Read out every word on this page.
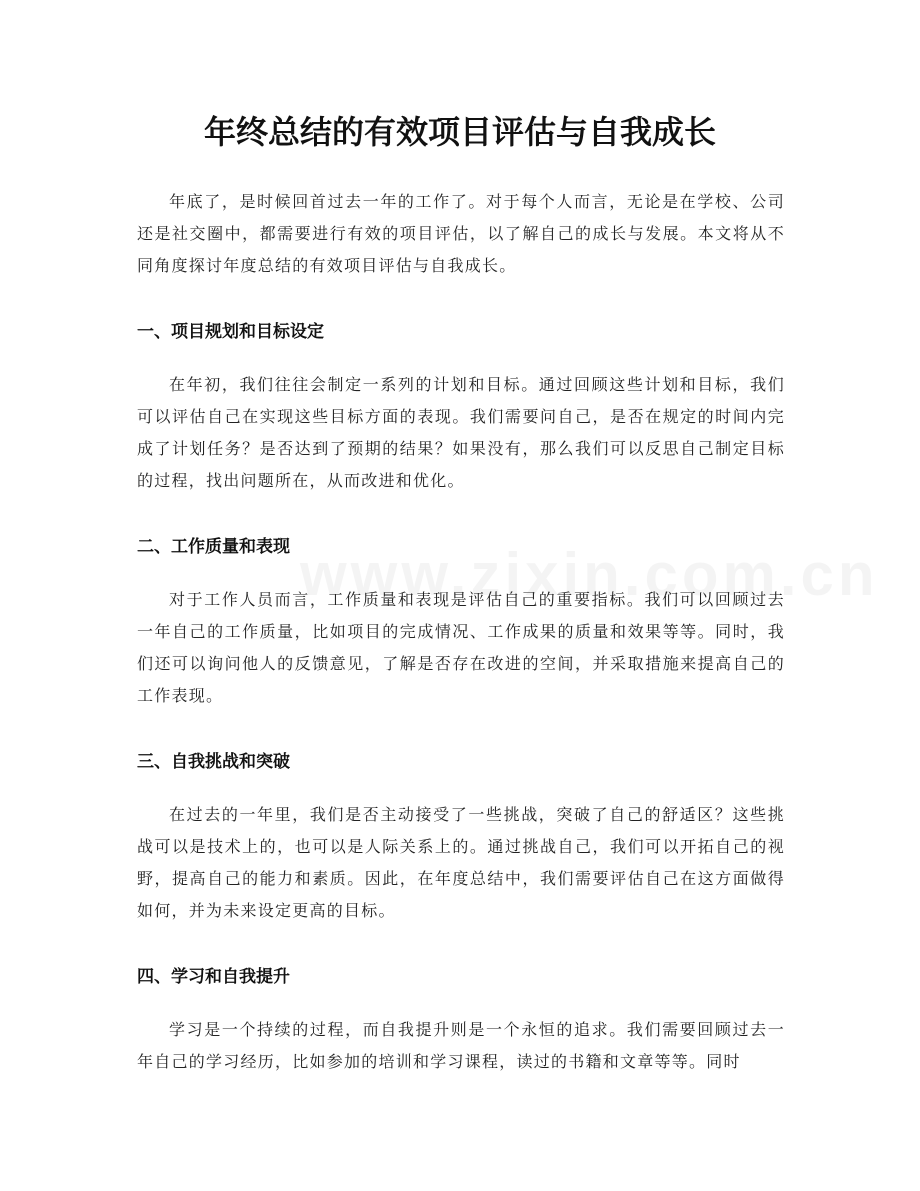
年终总结的有效项目评估与自我成长

年底了，是时候回首过去一年的工作了。对于每个人而言，无论是在学校、公司还是社交圈中，都需要进行有效的项目评估，以了解自己的成长与发展。本文将从不同角度探讨年度总结的有效项目评估与自我成长。

一、项目规划和目标设定

在年初，我们往往会制定一系列的计划和目标。通过回顾这些计划和目标，我们可以评估自己在实现这些目标方面的表现。我们需要问自己，是否在规定的时间内完成了计划任务？是否达到了预期的结果？如果没有，那么我们可以反思自己制定目标的过程，找出问题所在，从而改进和优化。

二、工作质量和表现

对于工作人员而言，工作质量和表现是评估自己的重要指标。我们可以回顾过去一年自己的工作质量，比如项目的完成情况、工作成果的质量和效果等等。同时，我们还可以询问他人的反馈意见，了解是否存在改进的空间，并采取措施来提高自己的工作表现。

三、自我挑战和突破

在过去的一年里，我们是否主动接受了一些挑战，突破了自己的舒适区？这些挑战可以是技术上的，也可以是人际关系上的。通过挑战自己，我们可以开拓自己的视野，提高自己的能力和素质。因此，在年度总结中，我们需要评估自己在这方面做得如何，并为未来设定更高的目标。

四、学习和自我提升

学习是一个持续的过程，而自我提升则是一个永恒的追求。我们需要回顾过去一年自己的学习经历，比如参加的培训和学习课程，读过的书籍和文章等等。同时
